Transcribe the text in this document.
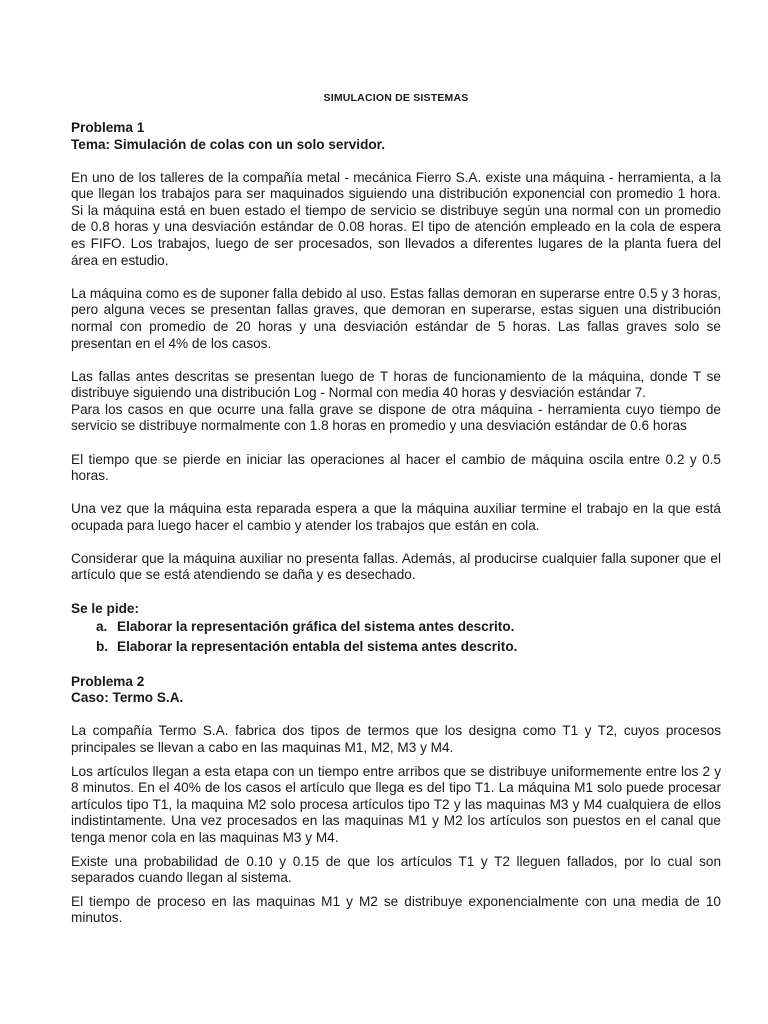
SIMULACION DE SISTEMAS

Problema 1

Tema: Simulación de colas con un solo servidor.

En uno de los talleres de la compañía metal - mecánica Fierro S.A. existe una máquina - herramienta, a la que llegan los trabajos para ser maquinados siguiendo una distribución exponencial con promedio 1 hora. Si la máquina está en buen estado el tiempo de servicio se distribuye según una normal con un promedio de 0.8 horas y una desviación estándar de 0.08 horas. El tipo de atención empleado en la cola de espera es FIFO. Los trabajos, luego de ser procesados, son llevados a diferentes lugares de la planta fuera del área en estudio.

La máquina como es de suponer falla debido al uso. Estas fallas demoran en superarse entre 0.5 y 3 horas, pero alguna veces se presentan fallas graves, que demoran en superarse, estas siguen una distribución normal con promedio de 20 horas y una desviación estándar de 5 horas. Las fallas graves solo se presentan en el 4% de los casos.

Las fallas antes descritas se presentan luego de T horas de funcionamiento de la máquina, donde T se distribuye siguiendo una distribución Log - Normal con media 40 horas y desviación estándar 7.

Para los casos en que ocurre una falla grave se dispone de otra máquina - herramienta cuyo tiempo de servicio se distribuye normalmente con 1.8 horas en promedio y una desviación estándar de 0.6 horas

El tiempo que se pierde en iniciar las operaciones al hacer el cambio de máquina oscila entre 0.2 y 0.5 horas.

Una vez que la máquina esta reparada espera a que la máquina auxiliar termine el trabajo en la que está ocupada para luego hacer el cambio y atender los trabajos que están en cola.

Considerar que la máquina auxiliar no presenta fallas. Además, al producirse cualquier falla suponer que el artículo que se está atendiendo se daña y es desechado.

Se le pide:

a. Elaborar la representación gráfica del sistema antes descrito.
b. Elaborar la representación entabla del sistema antes descrito.

Problema 2

Caso: Termo S.A.

La compañía Termo S.A. fabrica dos tipos de termos que los designa como T1 y T2, cuyos procesos principales se llevan a cabo en las maquinas M1, M2, M3 y M4.

Los artículos llegan a esta etapa con un tiempo entre arribos que se distribuye uniformemente entre los 2 y 8 minutos. En el 40% de los casos el artículo que llega es del tipo T1. La máquina M1 solo puede procesar artículos tipo T1, la maquina M2 solo procesa artículos tipo T2 y las maquinas M3 y M4 cualquiera de ellos indistintamente. Una vez procesados en las maquinas M1 y M2 los artículos son puestos en el canal que tenga menor cola en las maquinas M3 y M4.

Existe una probabilidad de 0.10 y 0.15 de que los artículos T1 y T2 lleguen fallados, por lo cual son separados cuando llegan al sistema.

El tiempo de proceso en las maquinas M1 y M2 se distribuye exponencialmente con una media de 10 minutos.
